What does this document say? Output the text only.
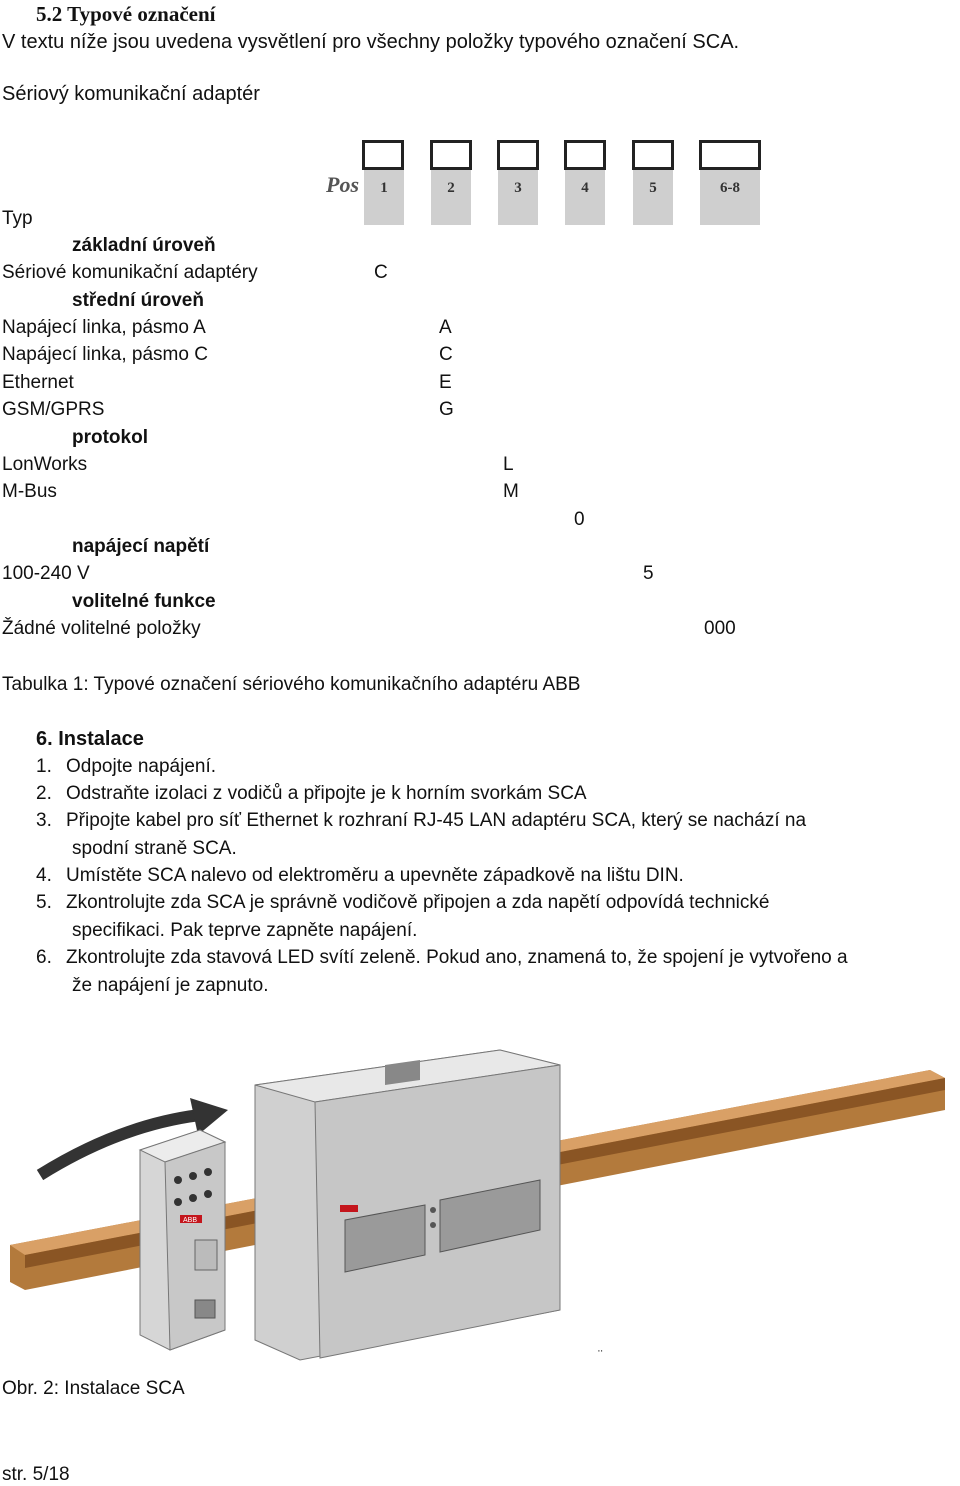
5.2 Typové označení
V textu níže jsou uvedena vysvětlení pro všechny položky typového označení SCA.
Sériový komunikační adaptér
Pos	1	2	3	4	5	6-8
Typ
základní úroveň
Sériové komunikační adaptéry	C
střední úroveň
Napájecí linka, pásmo A	A
Napájecí linka, pásmo C	C
Ethernet	E
GSM/GPRS	G
protokol
LonWorks	L
M-Bus	M
0
napájecí napětí
100-240 V	5
volitelné funkce
Žádné volitelné položky	000
Tabulka 1: Typové označení sériového komunikačního adaptéru ABB
6. Instalace
1. Odpojte napájení.
2. Odstraňte izolaci z vodičů a připojte je k horním svorkám SCA
3. Připojte kabel pro síť Ethernet k rozhraní RJ-45 LAN adaptéru SCA, který se nachází na
spodní straně SCA.
4. Umístěte SCA nalevo od elektroměru a upevněte západkově na lištu DIN.
5. Zkontrolujte zda SCA je správně vodičově připojen a zda napětí odpovídá technické
specifikaci. Pak teprve zapněte napájení.
6. Zkontrolujte zda stavová LED svítí zeleně. Pokud ano, znamená to, že spojení je vytvořeno a
že napájení je zapnuto.
ABB
¨
Obr. 2: Instalace SCA
str. 5/18
